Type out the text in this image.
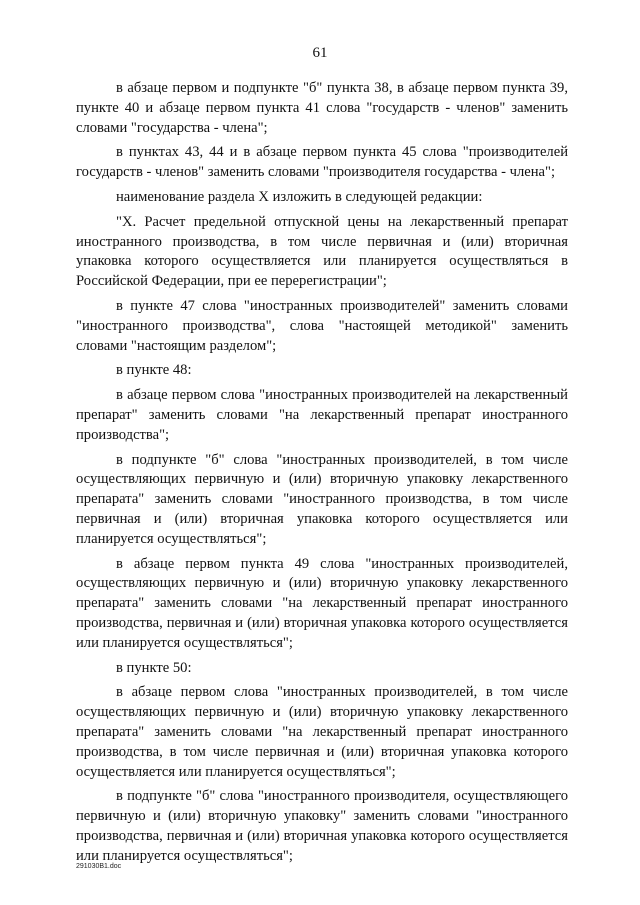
61

в абзаце первом и подпункте "б" пункта 38, в абзаце первом пункта 39, пункте 40 и абзаце первом пункта 41 слова "государств - членов" заменить словами "государства - члена";

в пунктах 43, 44 и в абзаце первом пункта 45 слова "производителей государств - членов" заменить словами "производителя государства - члена";

наименование раздела X изложить в следующей редакции:

"X. Расчет предельной отпускной цены на лекарственный препарат иностранного производства, в том числе первичная и (или) вторичная упаковка которого осуществляется или планируется осуществляться в Российской Федерации, при ее перерегистрации";

в пункте 47 слова "иностранных производителей" заменить словами "иностранного производства", слова "настоящей методикой" заменить словами "настоящим разделом";

в пункте 48:

в абзаце первом слова "иностранных производителей на лекарственный препарат" заменить словами "на лекарственный препарат иностранного производства";

в подпункте "б" слова "иностранных производителей, в том числе осуществляющих первичную и (или) вторичную упаковку лекарственного препарата" заменить словами "иностранного производства, в том числе первичная и (или) вторичная упаковка которого осуществляется или планируется осуществляться";

в абзаце первом пункта 49 слова "иностранных производителей, осуществляющих первичную и (или) вторичную упаковку лекарственного препарата" заменить словами "на лекарственный препарат иностранного производства, первичная и (или) вторичная упаковка которого осуществляется или планируется осуществляться";

в пункте 50:

в абзаце первом слова "иностранных производителей, в том числе осуществляющих первичную и (или) вторичную упаковку лекарственного препарата" заменить словами "на лекарственный препарат иностранного производства, в том числе первичная и (или) вторичная упаковка которого осуществляется или планируется осуществляться";

в подпункте "б" слова "иностранного производителя, осуществляющего первичную и (или) вторичную упаковку" заменить словами "иностранного производства, первичная и (или) вторичная упаковка которого осуществляется или планируется осуществляться";

291030B1.doc
